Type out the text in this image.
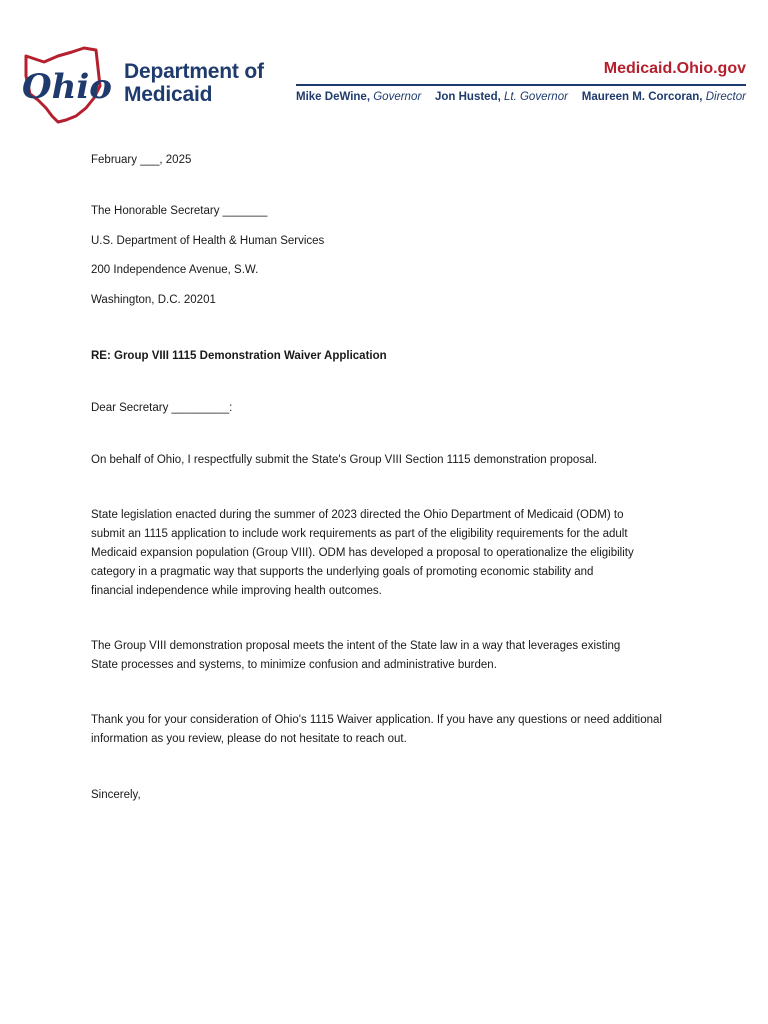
Ohio Department of
Medicaid
Medicaid.Ohio.gov
Mike DeWine, Governor Jon Husted, Lt. Governor Maureen M. Corcoran, Director
February ___, 2025
The Honorable Secretary _______
U.S. Department of Health & Human Services
200 Independence Avenue, S.W.
Washington, D.C. 20201
RE: Group VIII 1115 Demonstration Waiver Application
Dear Secretary _________:
On behalf of Ohio, I respectfully submit the State's Group VIII Section 1115 demonstration proposal.
State legislation enacted during the summer of 2023 directed the Ohio Department of Medicaid (ODM) to
submit an 1115 application to include work requirements as part of the eligibility requirements for the adult
Medicaid expansion population (Group VIII). ODM has developed a proposal to operationalize the eligibility
category in a pragmatic way that supports the underlying goals of promoting economic stability and
financial independence while improving health outcomes.
The Group VIII demonstration proposal meets the intent of the State law in a way that leverages existing
State processes and systems, to minimize confusion and administrative burden.
Thank you for your consideration of Ohio's 1115 Waiver application. If you have any questions or need additional
information as you review, please do not hesitate to reach out.
Sincerely,
